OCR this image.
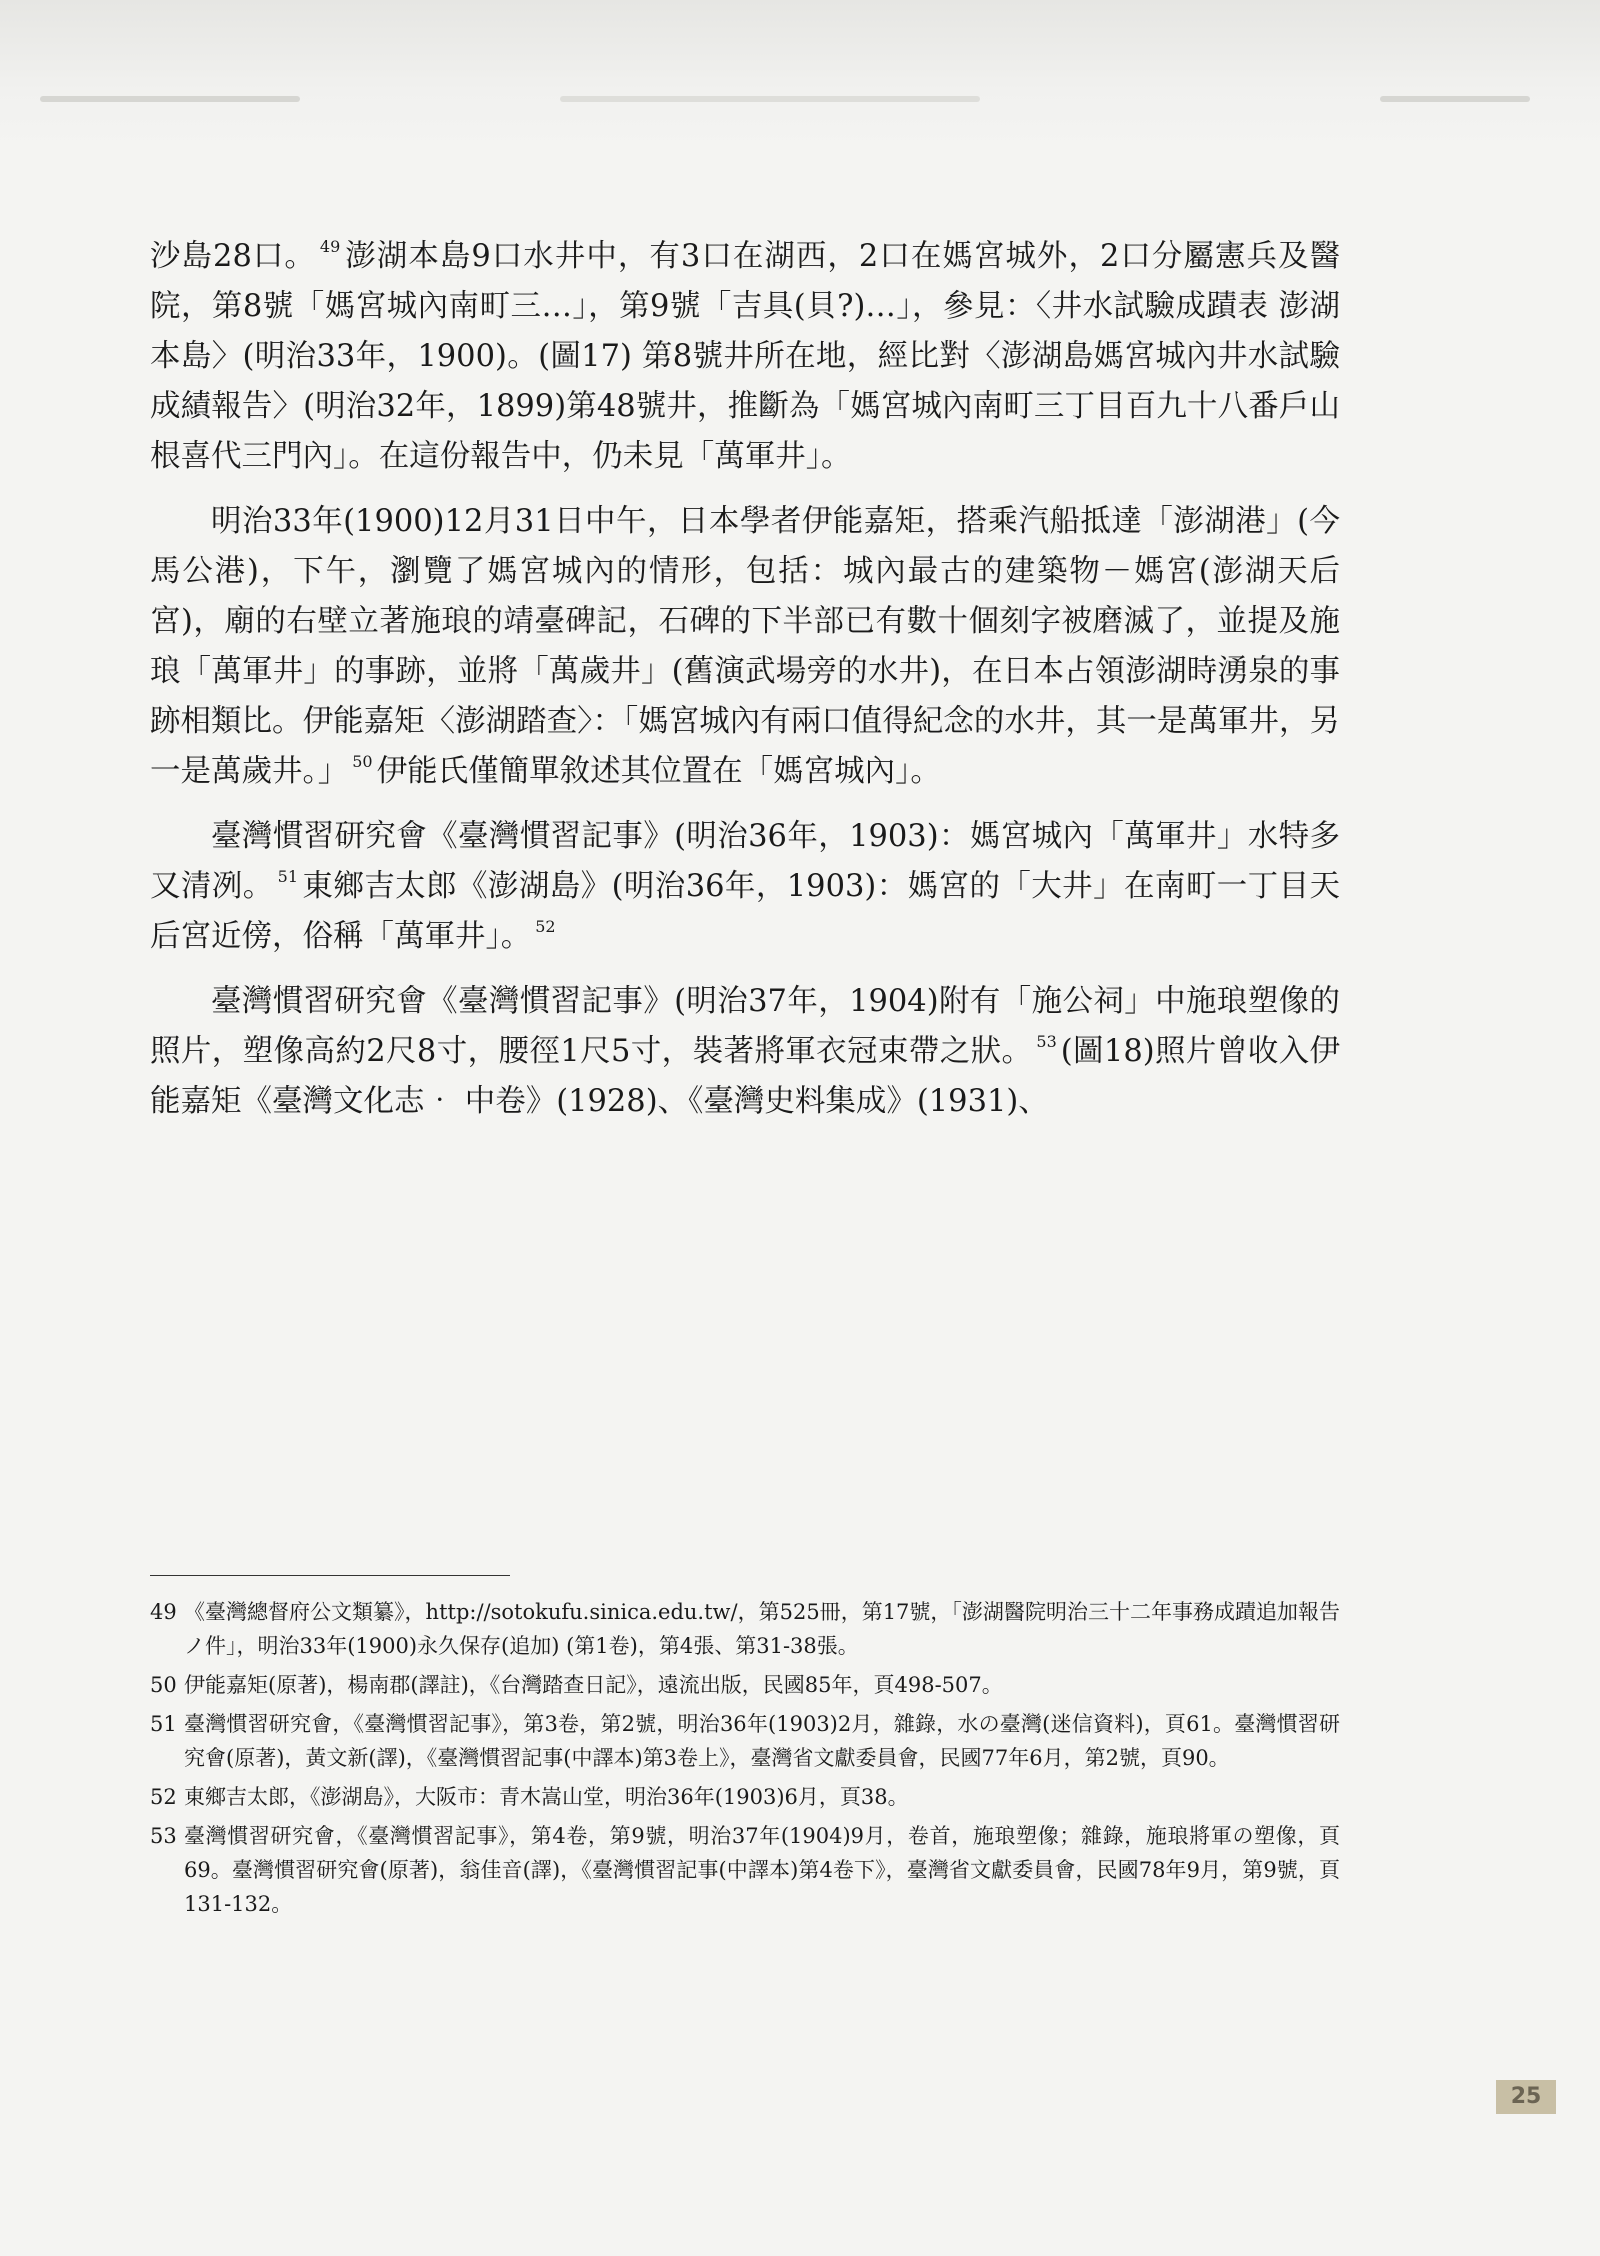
沙島28口。 $^{49}$ 澎湖本島9口水井中，有3口在湖西，2口在媽宮城外，2口分屬憲兵及醫院，第8號「媽宮城內南町三…」，第9號「吉具(貝?)…」，參見：〈井水試驗成蹟表 澎湖本島〉(明治33年，1900)。(圖17) 第8號井所在地，經比對〈澎湖島媽宮城內井水試驗成績報告〉(明治32年，1899)第48號井，推斷為「媽宮城內南町三丁目百九十八番戶山根喜代三門內」。在這份報告中，仍未見「萬軍井」。

明治33年(1900)12月31日中午，日本學者伊能嘉矩，搭乘汽船抵達「澎湖港」(今馬公港)，下午，瀏覽了媽宮城內的情形，包括：城內最古的建築物－媽宮(澎湖天后宮)，廟的右壁立著施琅的靖臺碑記，石碑的下半部已有數十個刻字被磨滅了，並提及施琅「萬軍井」的事跡，並將「萬歲井」(舊演武場旁的水井)，在日本占領澎湖時湧泉的事跡相類比。伊能嘉矩〈澎湖踏查〉：「媽宮城內有兩口值得紀念的水井，其一是萬軍井，另一是萬歲井。」 $^{50}$ 伊能氏僅簡單敘述其位置在「媽宮城內」。

臺灣慣習研究會《臺灣慣習記事》(明治36年，1903)：媽宮城內「萬軍井」水特多又清冽。 $^{51}$ 東鄉吉太郎《澎湖島》(明治36年，1903)：媽宮的「大井」在南町一丁目天后宮近傍，俗稱「萬軍井」。 $^{52}$

臺灣慣習研究會《臺灣慣習記事》(明治37年，1904)附有「施公祠」中施琅塑像的照片，塑像高約2尺8寸，腰徑1尺5寸，裝著將軍衣冠束帶之狀。 $^{53}$ (圖18)照片曾收入伊能嘉矩《臺灣文化志‧ 中卷》(1928)、《臺灣史料集成》(1931)、

49 《臺灣總督府公文類纂》，http://sotokufu.sinica.edu.tw/，第525冊，第17號，「澎湖醫院明治三十二年事務成蹟追加報告ノ件」，明治33年(1900)永久保存(追加) (第1卷)，第4張、第31-38張。
50 伊能嘉矩(原著)，楊南郡(譯註)，《台灣踏查日記》，遠流出版，民國85年，頁498-507。
51 臺灣慣習研究會，《臺灣慣習記事》，第3卷，第2號，明治36年(1903)2月，雜錄，水の臺灣(迷信資料)，頁61。臺灣慣習研究會(原著)，黃文新(譯)，《臺灣慣習記事(中譯本)第3卷上》，臺灣省文獻委員會，民國77年6月，第2號，頁90。
52 東鄉吉太郎，《澎湖島》，大阪市：青木嵩山堂，明治36年(1903)6月，頁38。
53 臺灣慣習研究會，《臺灣慣習記事》，第4卷，第9號，明治37年(1904)9月，卷首，施琅塑像；雜錄，施琅將軍の塑像，頁69。臺灣慣習研究會(原著)，翁佳音(譯)，《臺灣慣習記事(中譯本)第4卷下》，臺灣省文獻委員會，民國78年9月，第9號，頁131-132。
25
